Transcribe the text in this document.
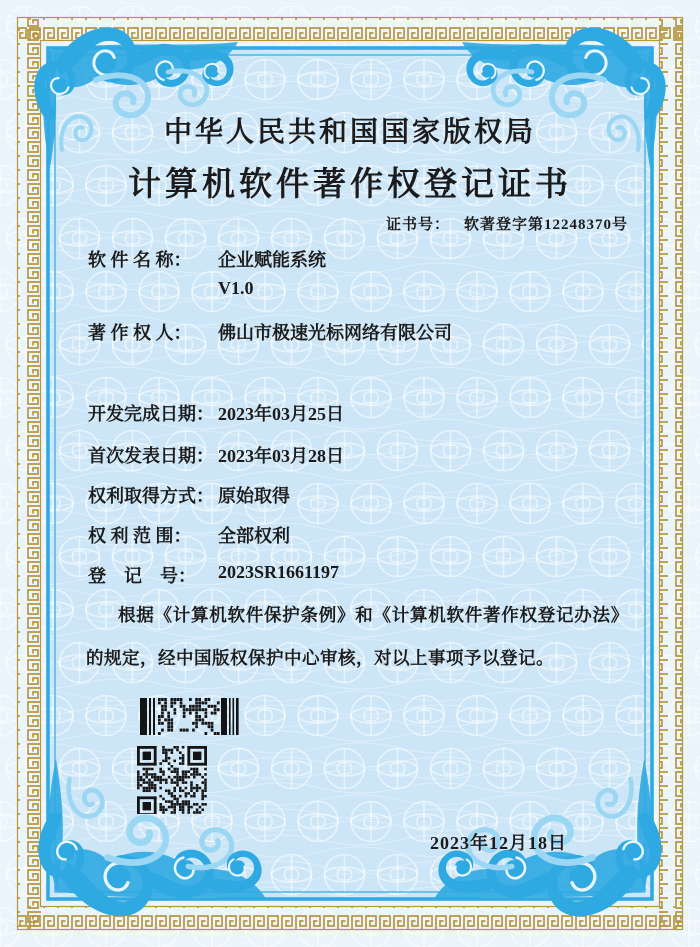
中华人民共和国国家版权局
计算机软件著作权登记证书
证书号： 软著登字第12248370号
软 件 名 称：	企业赋能系统
V1.0
著 作 权 人：	佛山市极速光标网络有限公司
开发完成日期： 2023年03月25日
首次发表日期： 2023年03月28日
权利取得方式： 原始取得
权 利 范 围：	全部权利
登　记　号：	2023SR1661197

根据《计算机软件保护条例》和《计算机软件著作权登记办法》的规定，经中国版权保护中心审核，对以上事项予以登记。

2023年12月18日
